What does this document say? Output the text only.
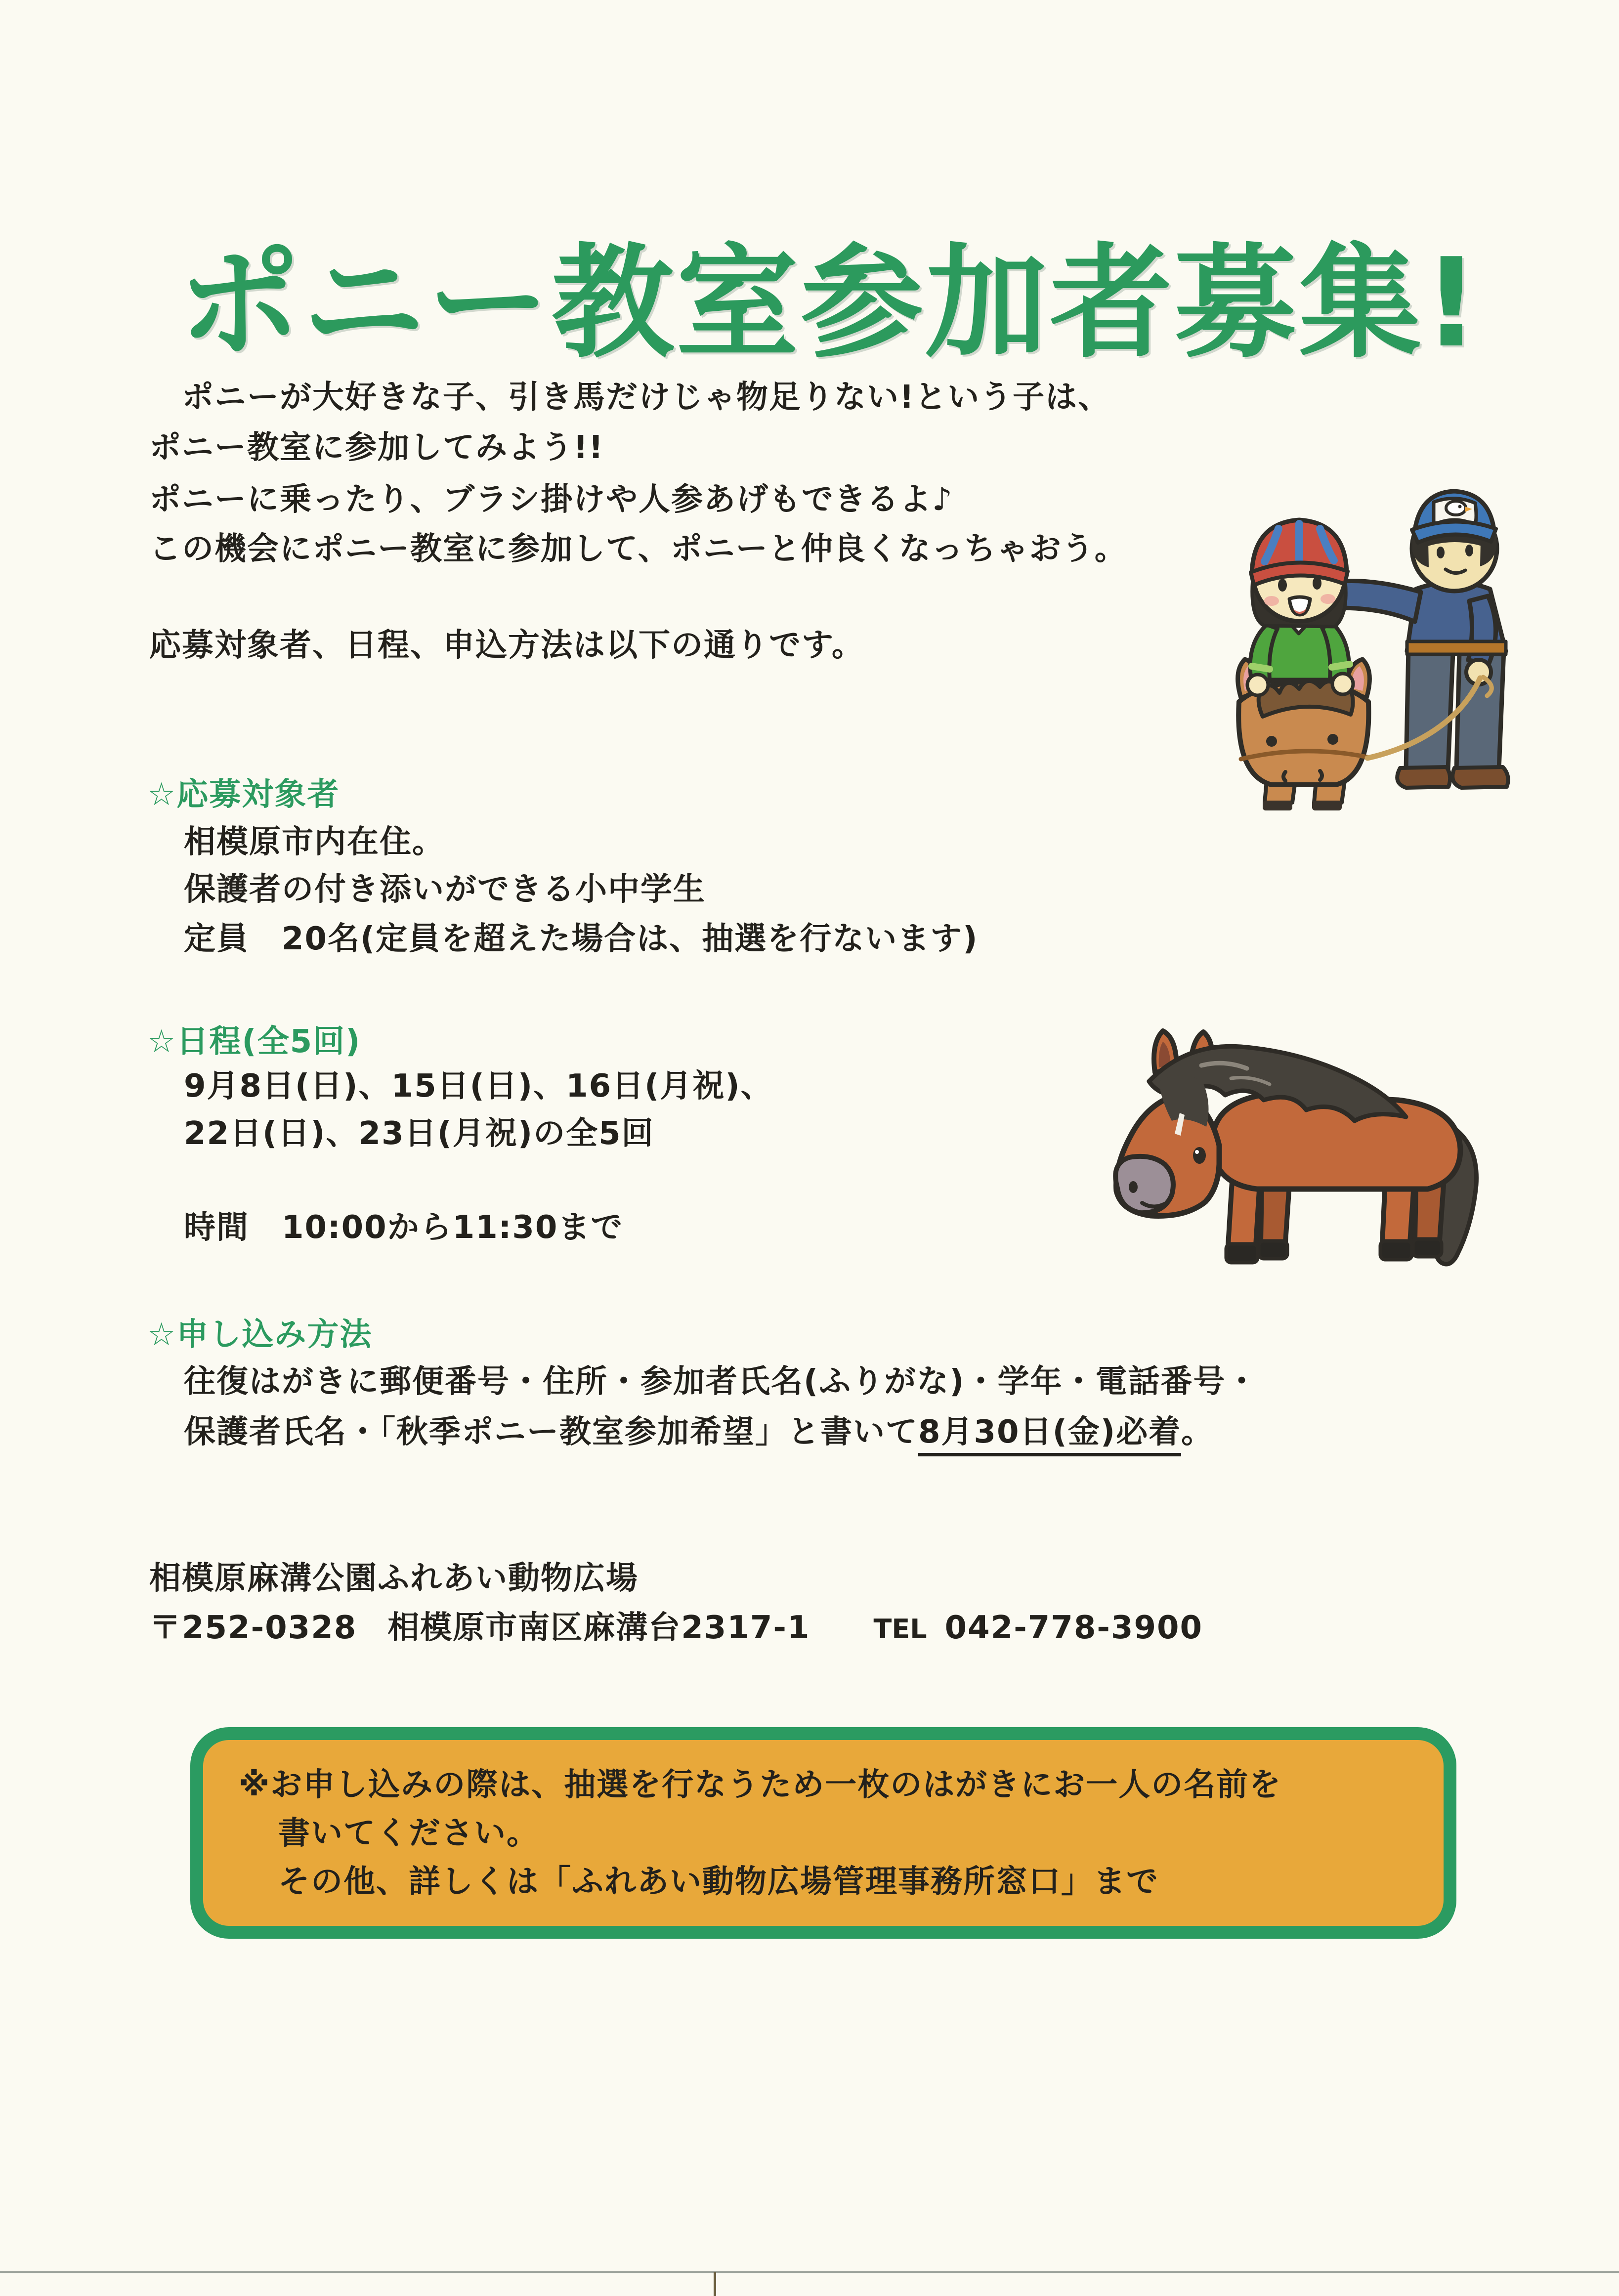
ポニー教室参加者募集!

　ポニーが大好きな子、引き馬だけじゃ物足りない!という子は、

ポニー教室に参加してみよう!!

ポニーに乗ったり、ブラシ掛けや人参あげもできるよ♪

この機会にポニー教室に参加して、ポニーと仲良くなっちゃおう。

応募対象者、日程、申込方法は以下の通りです。

☆応募対象者

相模原市内在住。

保護者の付き添いができる小中学生

定員　20名(定員を超えた場合は、抽選を行ないます)

☆日程(全5回)

9月8日(日)、15日(日)、16日(月祝)、

22日(日)、23日(月祝)の全5回

時間　10:00から11:30まで

☆申し込み方法

往復はがきに郵便番号・住所・参加者氏名(ふりがな)・学年・電話番号・

保護者氏名・「秋季ポニー教室参加希望」と書いて8月30日(金)必着。

相模原麻溝公園ふれあい動物広場

〒252-0328 相模原市南区麻溝台2317-1 TEL 042-778-3900

※お申し込みの際は、抽選を行なうため一枚のはがきにお一人の名前を

書いてください。

その他、詳しくは「ふれあい動物広場管理事務所窓口」まで
